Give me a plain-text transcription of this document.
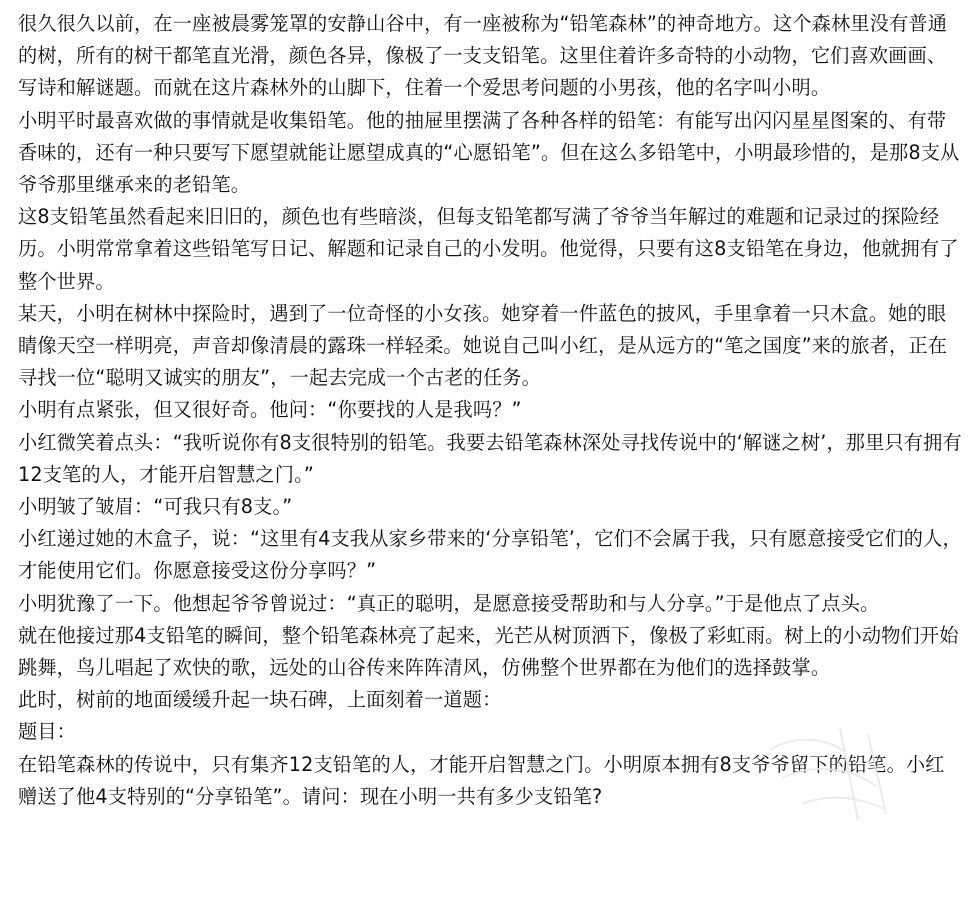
很久很久以前，在一座被晨雾笼罩的安静山谷中，有一座被称为“铅笔森林”的神奇地方。这个森林里没有普通的树，所有的树干都笔直光滑，颜色各异，像极了一支支铅笔。这里住着许多奇特的小动物，它们喜欢画画、写诗和解谜题。而就在这片森林外的山脚下，住着一个爱思考问题的小男孩，他的名字叫小明。

小明平时最喜欢做的事情就是收集铅笔。他的抽屉里摆满了各种各样的铅笔：有能写出闪闪星星图案的、有带香味的，还有一种只要写下愿望就能让愿望成真的“心愿铅笔”。但在这么多铅笔中，小明最珍惜的，是那8支从爷爷那里继承来的老铅笔。

这8支铅笔虽然看起来旧旧的，颜色也有些暗淡，但每支铅笔都写满了爷爷当年解过的难题和记录过的探险经历。小明常常拿着这些铅笔写日记、解题和记录自己的小发明。他觉得，只要有这8支铅笔在身边，他就拥有了整个世界。

某天，小明在树林中探险时，遇到了一位奇怪的小女孩。她穿着一件蓝色的披风，手里拿着一只木盒。她的眼睛像天空一样明亮，声音却像清晨的露珠一样轻柔。她说自己叫小红，是从远方的“笔之国度”来的旅者，正在寻找一位“聪明又诚实的朋友”，一起去完成一个古老的任务。

小明有点紧张，但又很好奇。他问：“你要找的人是我吗？”

小红微笑着点头：“我听说你有8支很特别的铅笔。我要去铅笔森林深处寻找传说中的‘解谜之树’，那里只有拥有12支笔的人，才能开启智慧之门。”

小明皱了皱眉：“可我只有8支。”

小红递过她的木盒子，说：“这里有4支我从家乡带来的‘分享铅笔’，它们不会属于我，只有愿意接受它们的人，才能使用它们。你愿意接受这份分享吗？”

小明犹豫了一下。他想起爷爷曾说过：“真正的聪明，是愿意接受帮助和与人分享。”于是他点了点头。

就在他接过那4支铅笔的瞬间，整个铅笔森林亮了起来，光芒从树顶洒下，像极了彩虹雨。树上的小动物们开始跳舞，鸟儿唱起了欢快的歌，远处的山谷传来阵阵清风，仿佛整个世界都在为他们的选择鼓掌。

此时，树前的地面缓缓升起一块石碑，上面刻着一道题：

题目：

在铅笔森林的传说中，只有集齐12支铅笔的人，才能开启智慧之门。小明原本拥有8支爷爷留下的铅笔。小红赠送了他4支特别的“分享铅笔”。请问：现在小明一共有多少支铅笔?
